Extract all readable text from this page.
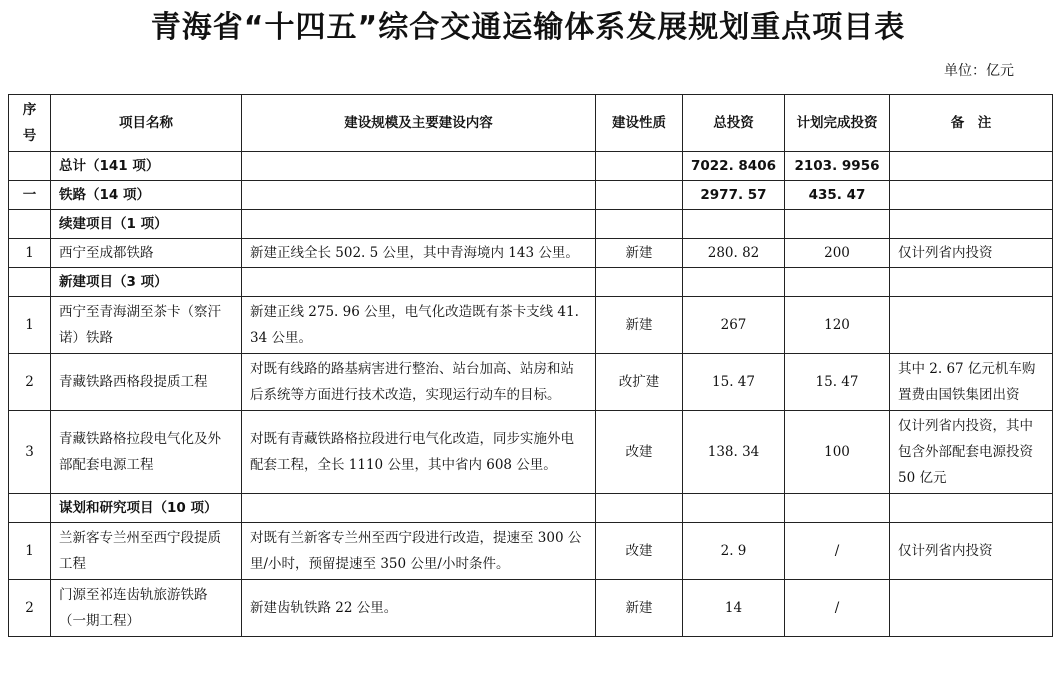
青海省“十四五”综合交通运输体系发展规划重点项目表
单位：亿元
序号	项目名称	建设规模及主要建设内容	建设性质	总投资	计划完成投资	备　注
	总计（141 项）			7022. 8406	2103. 9956	
一	铁路（14 项）			2977. 57	435. 47	
	续建项目（1 项）					
1	西宁至成都铁路	新建正线全长 502. 5 公里，其中青海境内 143 公里。	新建	280. 82	200	仅计列省内投资
	新建项目（3 项）					
1	西宁至青海湖至茶卡（察汗诺）铁路	新建正线 275. 96 公里，电气化改造既有茶卡支线 41. 34 公里。	新建	267	120	
2	青藏铁路西格段提质工程	对既有线路的路基病害进行整治、站台加高、站房和站后系统等方面进行技术改造，实现运行动车的目标。	改扩建	15. 47	15. 47	其中 2. 67 亿元机车购置费由国铁集团出资
3	青藏铁路格拉段电气化及外部配套电源工程	对既有青藏铁路格拉段进行电气化改造，同步实施外电配套工程，全长 1110 公里，其中省内 608 公里。	改建	138. 34	100	仅计列省内投资，其中包含外部配套电源投资 50 亿元
	谋划和研究项目（10 项）					
1	兰新客专兰州至西宁段提质工程	对既有兰新客专兰州至西宁段进行改造，提速至 300 公里/小时，预留提速至 350 公里/小时条件。	改建	2. 9	/	仅计列省内投资
2	门源至祁连齿轨旅游铁路（一期工程）	新建齿轨铁路 22 公里。	新建	14	/	
